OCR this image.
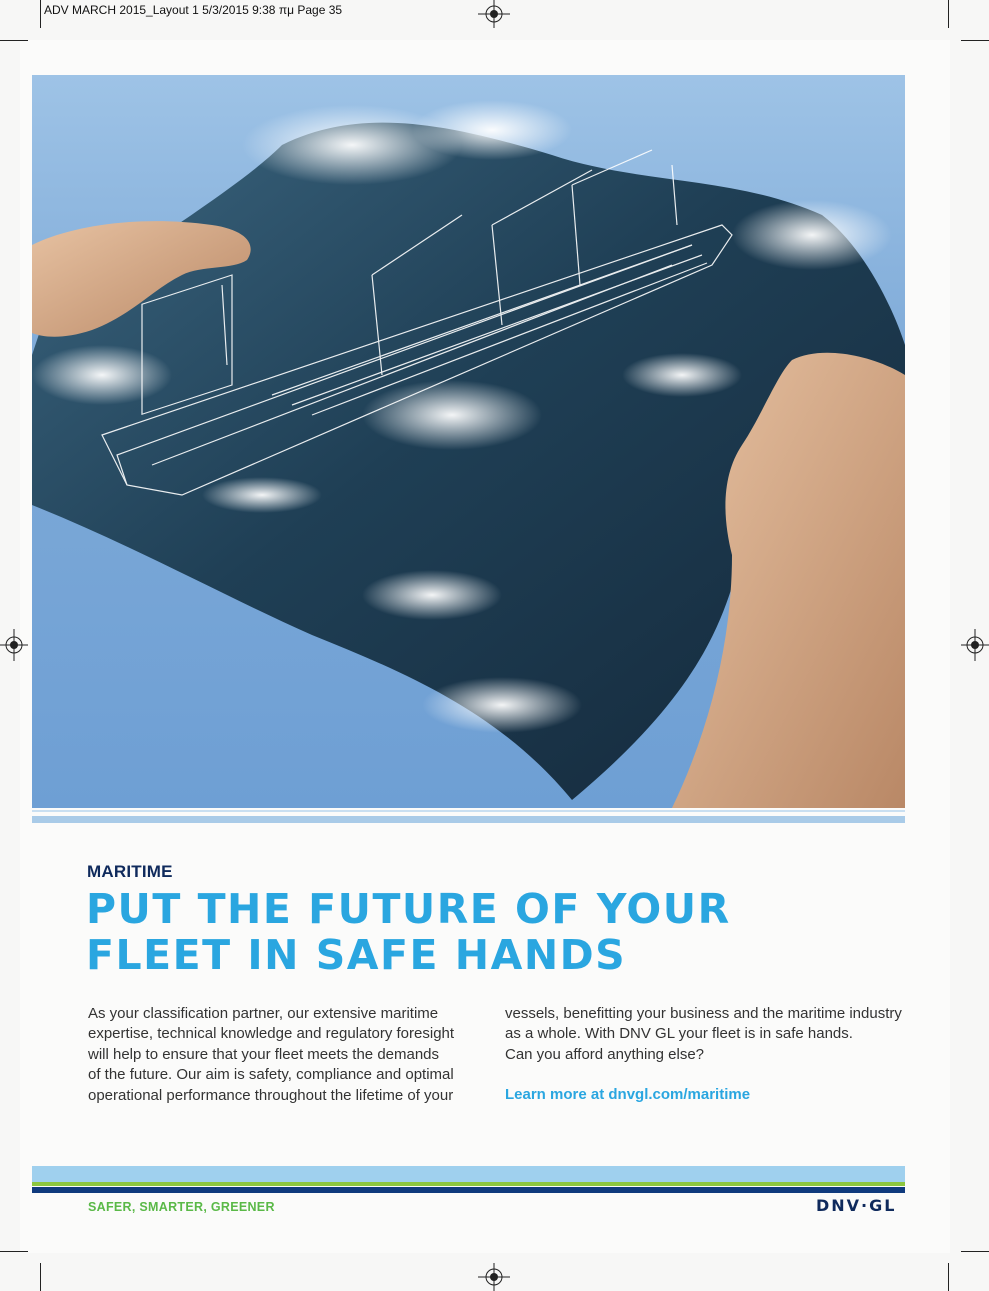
ADV MARCH 2015_Layout 1 5/3/2015 9:38 πμ Page 35
MARITIME
PUT THE FUTURE OF YOUR
FLEET IN SAFE HANDS
As your classification partner, our extensive maritime
expertise, technical knowledge and regulatory foresight
will help to ensure that your fleet meets the demands
of the future. Our aim is safety, compliance and optimal
operational performance throughout the lifetime of your
vessels, benefitting your business and the maritime industry
as a whole. With DNV GL your fleet is in safe hands.
Can you afford anything else?
Learn more at dnvgl.com/maritime
SAFER, SMARTER, GREENER	DNV·GL
